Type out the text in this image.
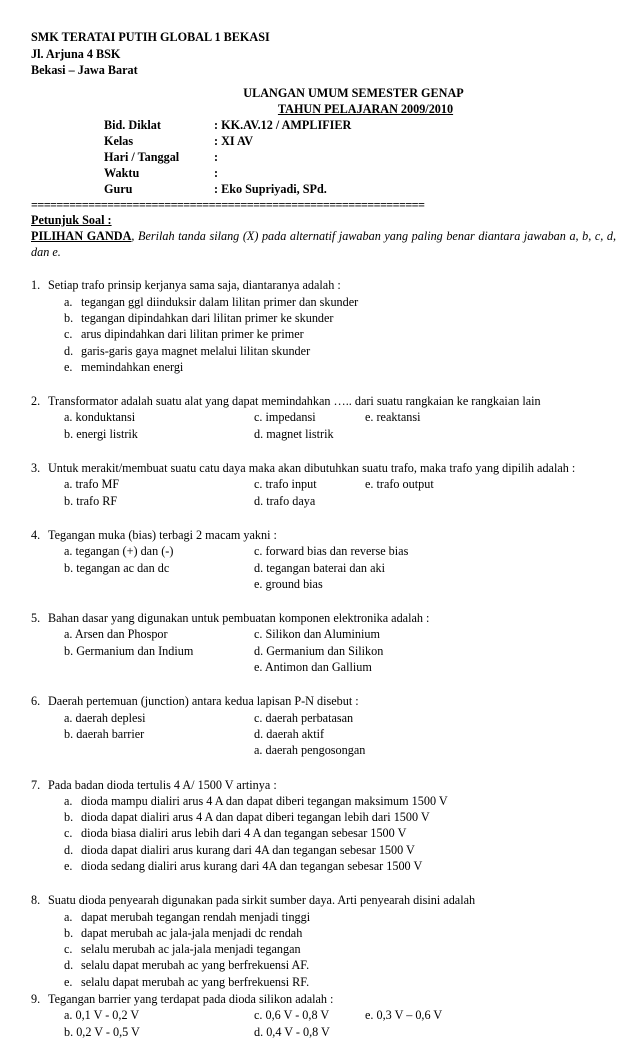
SMK TERATAI PUTIH GLOBAL 1 BEKASI
Jl. Arjuna 4 BSK
Bekasi – Jawa Barat
ULANGAN UMUM SEMESTER GENAP
TAHUN PELAJARAN 2009/2010
Bid. Diklat	: KK.AV.12 / AMPLIFIER
Kelas	: XI AV
Hari / Tanggal	:
Waktu	:
Guru	: Eko Supriyadi, SPd.
==============================================================
Petunjuk Soal :
PILIHAN GANDA, Berilah tanda silang (X) pada alternatif jawaban yang paling benar diantara jawaban a, b, c, d, dan e.
1. Setiap trafo prinsip kerjanya sama saja, diantaranya adalah :
a. tegangan ggl diinduksir dalam lilitan primer dan skunder
b. tegangan dipindahkan dari lilitan primer ke skunder
c. arus dipindahkan dari lilitan primer ke primer
d. garis-garis gaya magnet melalui lilitan skunder
e. memindahkan energi
2. Transformator adalah suatu alat yang dapat memindahkan ….. dari suatu rangkaian ke rangkaian lain
a. konduktansi	c. impedansi	e. reaktansi
b. energi listrik	d. magnet listrik
3. Untuk merakit/membuat suatu catu daya maka akan dibutuhkan suatu trafo, maka trafo yang dipilih adalah :
a. trafo MF	c. trafo input	e. trafo output
b. trafo RF	d. trafo daya
4. Tegangan muka (bias) terbagi 2 macam yakni :
a. tegangan (+) dan (-)	c. forward bias dan reverse bias
b. tegangan ac dan dc	d. tegangan baterai dan aki
e. ground bias
5. Bahan dasar yang digunakan untuk pembuatan komponen elektronika adalah :
a. Arsen dan Phospor	c. Silikon dan Aluminium
b. Germanium dan Indium	d. Germanium dan Silikon
e. Antimon dan Gallium
6. Daerah pertemuan (junction) antara kedua lapisan P-N disebut :
a. daerah deplesi	c. daerah perbatasan
b. daerah barrier	d. daerah aktif
a. daerah pengosongan
7. Pada badan dioda tertulis 4 A/ 1500 V artinya :
a. dioda mampu dialiri arus 4 A dan dapat diberi tegangan maksimum 1500 V
b. dioda dapat dialiri arus 4 A dan dapat diberi tegangan lebih dari 1500 V
c. dioda biasa dialiri arus lebih dari 4 A dan tegangan sebesar 1500 V
d. dioda dapat dialiri arus kurang dari 4A dan tegangan sebesar 1500 V
e. dioda sedang dialiri arus kurang dari 4A dan tegangan sebesar 1500 V
8. Suatu dioda penyearah digunakan pada sirkit sumber daya. Arti penyearah disini adalah
a. dapat merubah tegangan rendah menjadi tinggi
b. dapat merubah ac jala-jala menjadi dc rendah
c. selalu merubah ac jala-jala menjadi tegangan
d. selalu dapat merubah ac yang berfrekuensi AF.
e. selalu dapat merubah ac yang berfrekuensi RF.
9. Tegangan barrier yang terdapat pada dioda silikon adalah :
a. 0,1 V - 0,2 V	c. 0,6 V - 0,8 V	e. 0,3 V – 0,6 V
b. 0,2 V - 0,5 V	d. 0,4 V - 0,8 V
